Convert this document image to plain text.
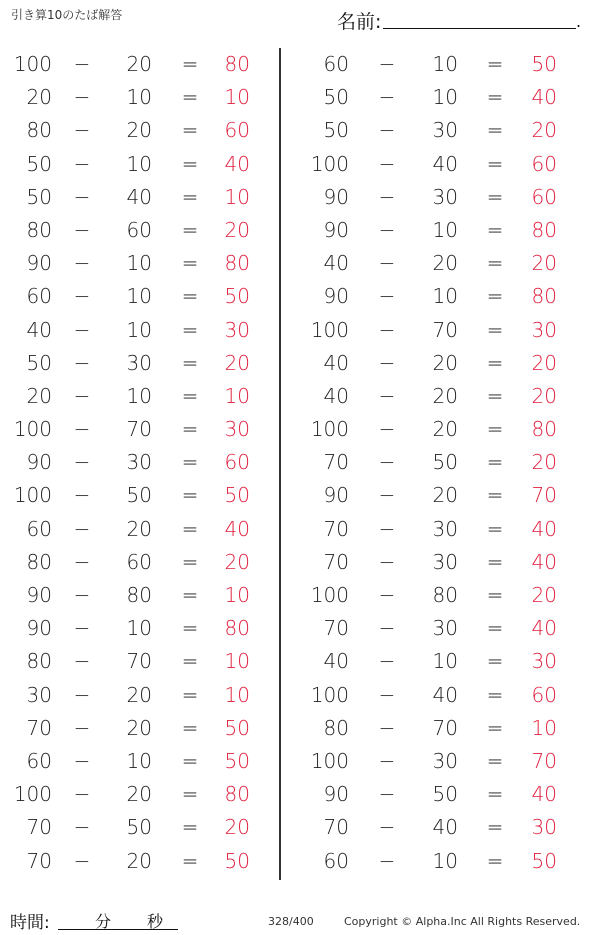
引き算10のたば解答	名前:	.
100 −	20 =	80
20 −	10 =	10
80 −	20 =	60
50 −	10 =	40
50 −	40 =	10
80 −	60 =	20
90 −	10 =	80
60 −	10 =	50
40 −	10 =	30
50 −	30 =	20
20 −	10 =	10
100 −	70 =	30
90 −	30 =	60
100 −	50 =	50
60 −	20 =	40
80 −	60 =	20
90 −	80 =	10
90 −	10 =	80
80 −	70 =	10
30 −	20 =	10
70 −	20 =	50
60 −	10 =	50
100 −	20 =	80
70 −	50 =	20
70 −	20 =	50
60 −	10 =	50
50 −	10 =	40
50 −	30 =	20
100 −	40 =	60
90 −	30 =	60
90 −	10 =	80
40 −	20 =	20
90 −	10 =	80
100 −	70 =	30
40 −	20 =	20
40 −	20 =	20
100 −	20 =	80
70 −	50 =	20
90 −	20 =	70
70 −	30 =	40
70 −	30 =	40
100 −	80 =	20
70 −	30 =	40
40 −	10 =	30
100 −	40 =	60
80 −	70 =	10
100 −	30 =	70
90 −	50 =	40
70 −	40 =	30
60 −	10 =	50
時間:	分 秒	328/400	Copyright © Alpha.Inc All Rights Reserved.
